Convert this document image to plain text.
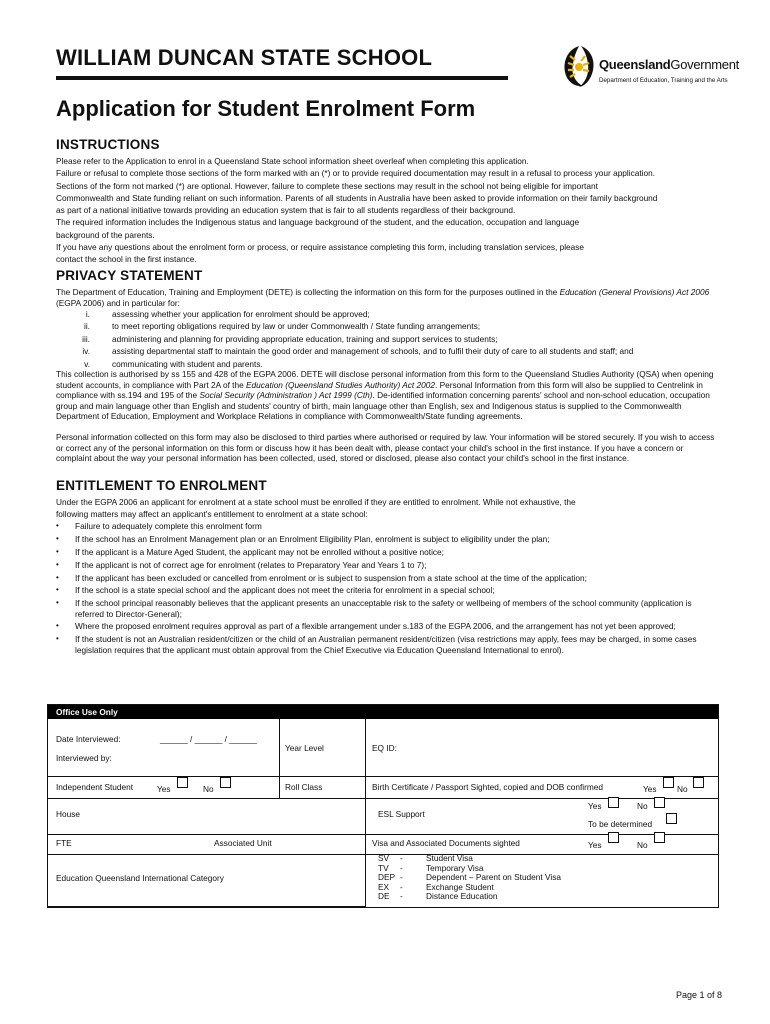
WILLIAM DUNCAN STATE SCHOOL	QueenslandGovernment
Department of Education, Training and the Arts
Application for Student Enrolment Form
INSTRUCTIONS
Please refer to the Application to enrol in a Queensland State school information sheet overleaf when completing this application.
Failure or refusal to complete those sections of the form marked with an (*) or to provide required documentation may result in a refusal to process your application.
Sections of the form not marked (*) are optional. However, failure to complete these sections may result in the school not being eligible for important
Commonwealth and State funding reliant on such information. Parents of all students in Australia have been asked to provide information on their family background
as part of a national initiative towards providing an education system that is fair to all students regardless of their background.
The required information includes the Indigenous status and language background of the student, and the education, occupation and language
background of the parents.
If you have any questions about the enrolment form or process, or require assistance completing this form, including translation services, please
contact the school in the first instance.
PRIVACY STATEMENT

The Department of Education, Training and Employment (DETE) is collecting the information on this form for the purposes outlined in the Education (General Provisions) Act 2006 (EGPA 2006) and in particular for:

i.	assessing whether your application for enrolment should be approved;
ii.	to meet reporting obligations required by law or under Commonwealth / State funding arrangements;
iii.	administering and planning for providing appropriate education, training and support services to students;
iv.	assisting departmental staff to maintain the good order and management of schools, and to fulfil their duty of care to all students and staff; and
v.	communicating with student and parents.

This collection is authorised by ss 155 and 428 of the EGPA 2006. DETE will disclose personal information from this form to the Queensland Studies Authority (QSA) when opening student accounts, in compliance with Part 2A of the Education (Queensland Studies Authority) Act 2002. Personal Information from this form will also be supplied to Centrelink in compliance with ss.194 and 195 of the Social Security (Administration ) Act 1999 (Cth). De-identified information concerning parents' school and non-school education, occupation group and main language other than English and students' country of birth, main language other than English, sex and Indigenous status is supplied to the Commonwealth Department of Education, Employment and Workplace Relations in compliance with Commonwealth/State funding agreements.

Personal information collected on this form may also be disclosed to third parties where authorised or required by law. Your information will be stored securely. If you wish to access or correct any of the personal information on this form or discuss how it has been dealt with, please contact your child's school in the first instance. If you have a concern or complaint about the way your personal information has been collected, used, stored or disclosed, please also contact your child's school in the first instance.

ENTITLEMENT TO ENROLMENT
Under the EGPA 2006 an applicant for enrolment at a state school must be enrolled if they are entitled to enrolment. While not exhaustive, the
following matters may affect an applicant's entitlement to enrolment at a state school:
•	Failure to adequately complete this enrolment form
•	If the school has an Enrolment Management plan or an Enrolment Eligibility Plan, enrolment is subject to eligibility under the plan;
•	If the applicant is a Mature Aged Student, the applicant may not be enrolled without a positive notice;
•	If the applicant is not of correct age for enrolment (relates to Preparatory Year and Years 1 to 7);
•	If the applicant has been excluded or cancelled from enrolment or is subject to suspension from a state school at the time of the application;
•	If the school is a state special school and the applicant does not meet the criteria for enrolment in a special school;
•	If the school principal reasonably believes that the applicant presents an unacceptable risk to the safety or wellbeing of members of the school community (application is referred to Director-General);
•	Where the proposed enrolment requires approval as part of a flexible arrangement under s.183 of the EGPA 2006, and the arrangement has not yet been approved;
•	If the student is not an Australian resident/citizen or the child of an Australian permanent resident/citizen (visa restrictions may apply, fees may be charged, in some cases legislation requires that the applicant must obtain approval from the Chief Executive via Education Queensland International to enrol).
Office Use Only
Date Interviewed:
Interviewed by:
______ / ______ / ______
Year Level	EQ ID:
Independent Student	Yes	No	Roll Class	Birth Certificate / Passport Sighted, copied and DOB confirmed	Yes No
House	ESL Support
Yes	No
To be determined
FTE	Associated Unit	Visa and Associated Documents sighted	Yes	No
Education Queensland International Category
SV -	Student Visa
TV -	Temporary Visa
DEP -	Dependent – Parent on Student Visa
EX -	Exchange Student
DE -	Distance Education
Page 1 of 8
